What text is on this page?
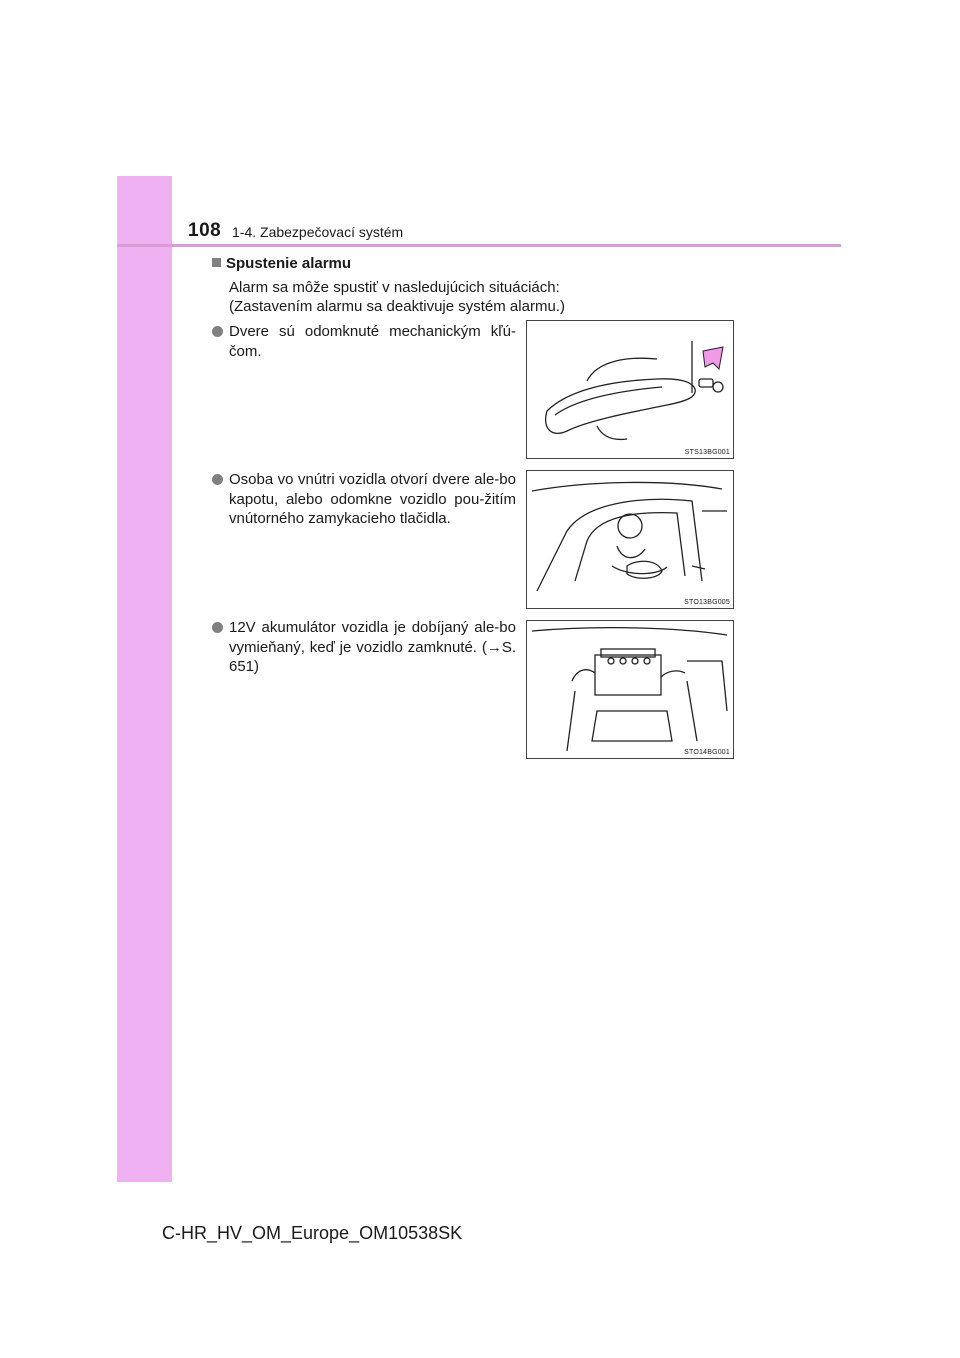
108 1-4. Zabezpečovací systém
Spustenie alarmu
Alarm sa môže spustiť v nasledujúcich situáciách:
(Zastavením alarmu sa deaktivuje systém alarmu.)
Dvere sú odomknuté mechanickým kľú-čom.
STS13BG001
Osoba vo vnútri vozidla otvorí dvere ale-bo kapotu, alebo odomkne vozidlo pou-žitím vnútorného zamykacieho tlačidla.
STO13BG005
12V akumulátor vozidla je dobíjaný ale-bo vymieňaný, keď je vozidlo zamknuté. (→S. 651)
STO14BG001
C-HR_HV_OM_Europe_OM10538SK
